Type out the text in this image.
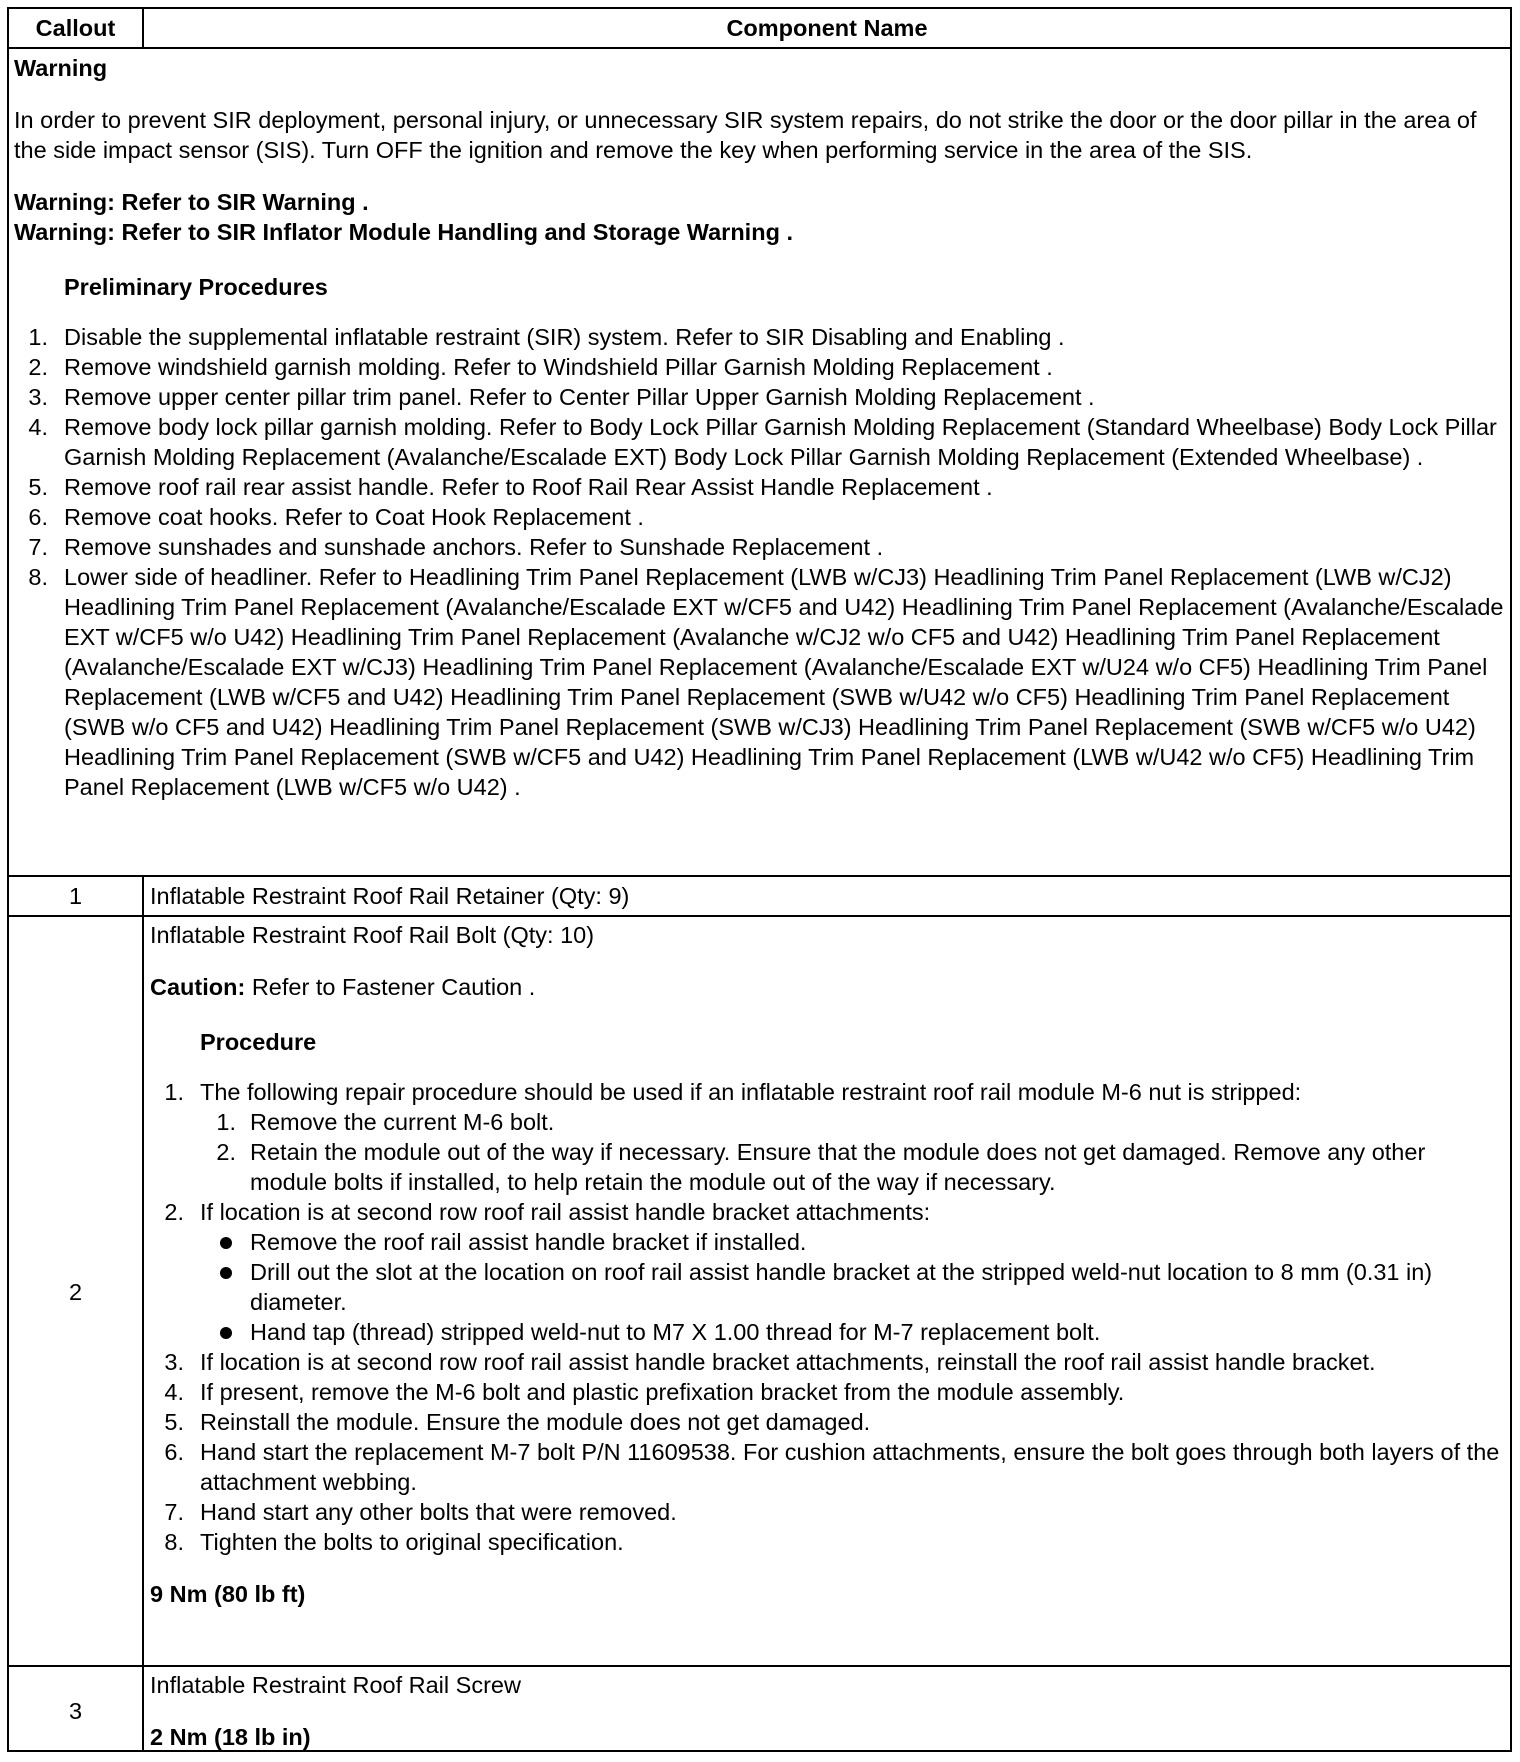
Callout	Component Name
Warning
In order to prevent SIR deployment, personal injury, or unnecessary SIR system repairs, do not strike the door or the door pillar in the area of the side impact sensor (SIS). Turn OFF the ignition and remove the key when performing service in the area of the SIS.
Warning: Refer to SIR Warning .
Warning: Refer to SIR Inflator Module Handling and Storage Warning .
Preliminary Procedures
1. Disable the supplemental inflatable restraint (SIR) system. Refer to SIR Disabling and Enabling .
2. Remove windshield garnish molding. Refer to Windshield Pillar Garnish Molding Replacement .
3. Remove upper center pillar trim panel. Refer to Center Pillar Upper Garnish Molding Replacement .
4. Remove body lock pillar garnish molding. Refer to Body Lock Pillar Garnish Molding Replacement (Standard Wheelbase) Body Lock Pillar Garnish Molding Replacement (Avalanche/Escalade EXT) Body Lock Pillar Garnish Molding Replacement (Extended Wheelbase) .
5. Remove roof rail rear assist handle. Refer to Roof Rail Rear Assist Handle Replacement .
6. Remove coat hooks. Refer to Coat Hook Replacement .
7. Remove sunshades and sunshade anchors. Refer to Sunshade Replacement .
8. Lower side of headliner. Refer to Headlining Trim Panel Replacement (LWB w/CJ3) Headlining Trim Panel Replacement (LWB w/CJ2) Headlining Trim Panel Replacement (Avalanche/Escalade EXT w/CF5 and U42) Headlining Trim Panel Replacement (Avalanche/Escalade EXT w/CF5 w/o U42) Headlining Trim Panel Replacement (Avalanche w/CJ2 w/o CF5 and U42) Headlining Trim Panel Replacement (Avalanche/Escalade EXT w/CJ3) Headlining Trim Panel Replacement (Avalanche/Escalade EXT w/U24 w/o CF5) Headlining Trim Panel Replacement (LWB w/CF5 and U42) Headlining Trim Panel Replacement (SWB w/U42 w/o CF5) Headlining Trim Panel Replacement (SWB w/o CF5 and U42) Headlining Trim Panel Replacement (SWB w/CJ3) Headlining Trim Panel Replacement (SWB w/CF5 w/o U42) Headlining Trim Panel Replacement (SWB w/CF5 and U42) Headlining Trim Panel Replacement (LWB w/U42 w/o CF5) Headlining Trim Panel Replacement (LWB w/CF5 w/o U42) .
1	Inflatable Restraint Roof Rail Retainer (Qty: 9)
2
Inflatable Restraint Roof Rail Bolt (Qty: 10)
Caution: Refer to Fastener Caution .
Procedure
1. The following repair procedure should be used if an inflatable restraint roof rail module M-6 nut is stripped:
1. Remove the current M-6 bolt.
2. Retain the module out of the way if necessary. Ensure that the module does not get damaged. Remove any other module bolts if installed, to help retain the module out of the way if necessary.
2. If location is at second row roof rail assist handle bracket attachments:
Remove the roof rail assist handle bracket if installed.
Drill out the slot at the location on roof rail assist handle bracket at the stripped weld-nut location to 8 mm (0.31 in) diameter.
Hand tap (thread) stripped weld-nut to M7 X 1.00 thread for M-7 replacement bolt.
3. If location is at second row roof rail assist handle bracket attachments, reinstall the roof rail assist handle bracket.
4. If present, remove the M-6 bolt and plastic prefixation bracket from the module assembly.
5. Reinstall the module. Ensure the module does not get damaged.
6. Hand start the replacement M-7 bolt P/N 11609538. For cushion attachments, ensure the bolt goes through both layers of the attachment webbing.
7. Hand start any other bolts that were removed.
8. Tighten the bolts to original specification.
9 Nm (80 lb ft)
3
Inflatable Restraint Roof Rail Screw
2 Nm (18 lb in)
